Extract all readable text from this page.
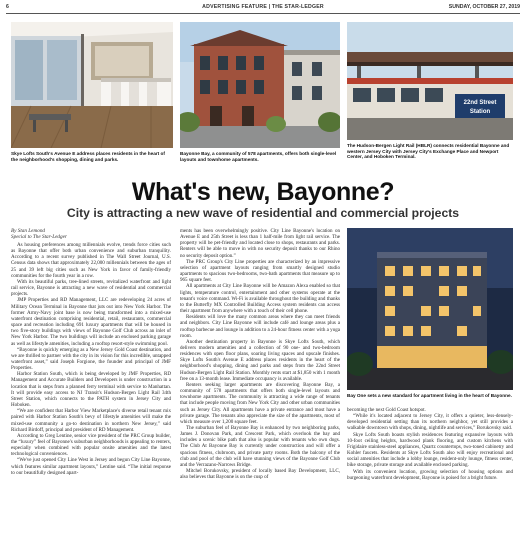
6	ADVERTISING FEATURE | THE STAR-LEDGER	SUNDAY, OCTOBER 27, 2019
Skye Lofts South's Avenue E address places residents in the heart of the neighborhood's shopping, dining and parks.
Bayonne Bay, a community of 578 apartments, offers both single-level layouts and townhome apartments.
22nd Street
Station
The Hudson-Bergen Light Rail (HBLR) connects residential Bayonne and western Jersey City with Jersey City's Exchange Place and Newport Center, and Hoboken Terminal.
What's new, Bayonne?
City is attracting a new wave of residential and commercial projects
By Stan Lemond
Special to The Star-Ledger

As housing preferences among millennials evolve, trends force cities such as Bayonne that offer both urban convenience and suburban tranquility. According to a recent survey published in The Wall Street Journal, U.S. Census data shows that approximately 22,000 millennials between the ages of 25 and 39 left big cities such as New York in favor of family-friendly communities for the fourth year in a row.

With its beautiful parks, tree-lined streets, revitalized waterfront and light rail service, Bayonne is attracting a new wave of residential and commercial projects.

JMP Properties and RD Management, LLC are redeveloping 24 acres of Military Ocean Terminal in Bayonne that juts out into New York Harbor. The former Army-Navy joint base is now being transformed into a mixed-use waterfront destination comprising residential, retail, restaurants, commercial space and recreation including 691 luxury apartments that will be housed in two five-story buildings with views of Bayonne Golf Club across an inlet of New York Harbor. The two buildings will include an enclosed parking garage as well as lifestyle amenities, including a rooftop resort-style swimming pool.

“Bayonne is quickly emerging as a New Jersey Gold Coast destination, and we are thrilled to partner with the city in its vision for this incredible, untapped waterfront asset,” said Joseph Forgione, the founder and principal of JMF Properties.

Harbor Station South, which is being developed by JMF Properties, RD Management and Accurate Builders and Developers is under construction in a location that is steps from a planned ferry terminal with service to Manhattan. It will provide easy access to NJ Transit's Hudson-Bergen Light Rail 34th Street Station, which connects to the PATH system in Jersey City and Hoboken.

“We are confident that Harbor View Marketplace's diverse retail tenant mix paired with Harbor Station South's bevy of lifestyle amenities will make the mixed-use community a go-to destination in northern New Jersey,” said Richard Birdoff, principal and president of RD Management.

According to Greg Lentine, senior vice president of the PRC Group builder, the “luxury” feel of Bayonne's suburban neighborhoods is appealing to renters, especially when combined with popular onsite amenities and the latest technological conveniences.

“We've just opened City Line West in Jersey and begun City Line Bayonne, which features similar apartment layouts,” Lentine said. “The initial response to our beautifully designed apart-

ments has been overwhelmingly positive. City Line Bayonne's location on Avenue E and 25th Street is less than 1 half-mile from light rail service. The property will be pet-friendly and located close to shops, restaurants and parks. Renters will be able to move in with no security deposit thanks to our Rhino no security deposit option.”

The PRC Group's City Line properties are characterized by an impressive selection of apartment layouts ranging from smartly designed studio apartments to spacious two-bedrooms, two-bath apartments that measure up to 965 square feet.

All apartments at City Line Bayonne will be Amazon Alexa enabled so that lights, temperature control, entertainment and other systems operate at the tenant's voice command. Wi-Fi is available throughout the building and thanks to the Butterfly MX Controlled Building Access system residents can access their apartment from anywhere with a touch of their cell phone.

Residents will love the many common areas where they can meet friends and neighbors. City Line Bayonne will include café and lounge areas plus a rooftop barbecue and lounge in addition to a 24-hour fitness center with a yoga room.

Another destination property in Bayonne is Skye Lofts South, which delivers modern amenities and a collection of 90 one- and two-bedroom residences with open floor plans, soaring living spaces and upscale finishes. Skye Lofts South's Avenue E address places residents in the heart of the neighborhood's shopping, dining and parks and steps from the 22nd Street Hudson-Bergen Light Rail Station. Monthly rents start at $1,850 with 1 month free on a 13-month lease. Immediate occupancy is available.

Renters seeking larger apartments are discovering Bayonne Bay, a community of 578 apartments that offers both single-level layouts and townhome apartments. The community is attracting a wide range of tenants that include people moving from New York City and other urban communities such as Jersey City. All apartments have a private entrance and most have a private garage. The tenants also appreciate the size of the apartments, most of which measure over 1,200 square feet.

The suburban feel of Bayonne Bay is enhanced by two neighboring parks, James J. Donovan Park, and Crescent Park, which overlook the bay and includes a scenic bike path that also is popular with tenants who own dogs. The Club At Bayonne Bay is currently under construction and will offer a spacious fitness, clubroom, and private party rooms. Both the balcony of the club and pool of the club will have stunning views of the Bayonne Golf Club and the Verrazano-Narrows Bridge.

Mitchel Borukovsky, president of locally based Bay Development, LLC, also believes that Bayonne is on the cusp of

Bay One sets a new standard for apartment living in the heart of Bayonne.

becoming the next Gold Coast hotspot.

“While it's located adjacent to Jersey City, it offers a quieter, less-densely-developed residential setting than its northern neighbor, yet still provides a walkable downtown with shops, dining, nightlife and services,” Borukovsky said.

Skye Lofts South boasts stylish residences featuring expansive layouts with 10-foot ceiling heights, hardwood plank flooring, and custom kitchens with Frigidaire stainless-steel appliances, Quartz countertops, two-toned cabinetry and Kohler faucets. Residents at Skye Lofts South also will enjoy recreational and social amenities that include a lobby lounge, resident-only lounge, fitness center, bike storage, private storage and available enclosed parking.

With its convenient location, growing selection of housing options and burgeoning waterfront development, Bayonne is poised for a bright future.
